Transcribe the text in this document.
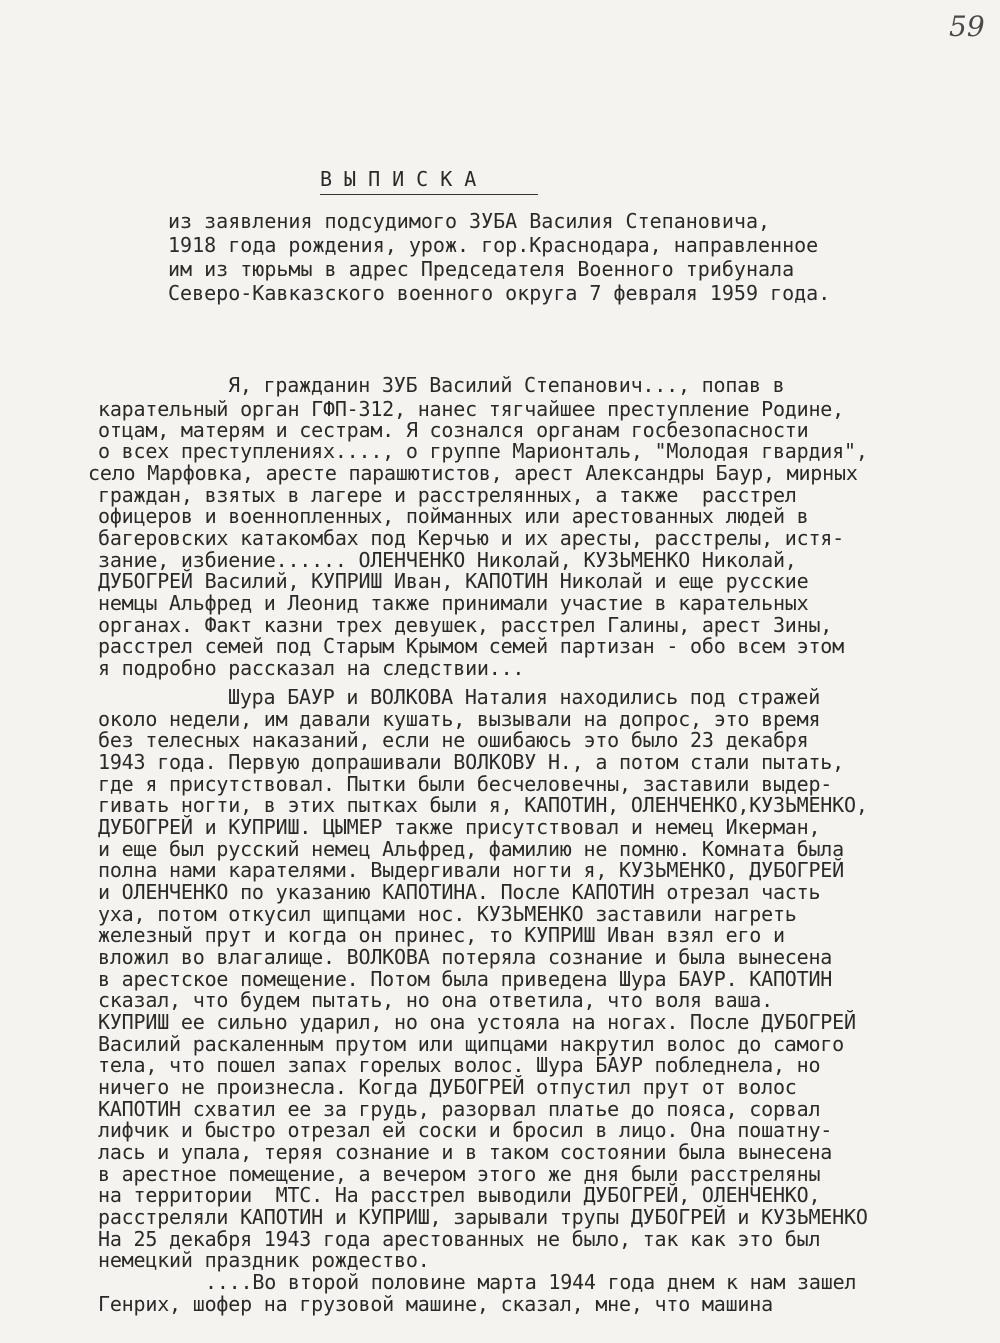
59

ВЫПИСКА

из заявления подсудимого ЗУБА Василия Степановича,

1918 года рождения, урож. гор.Краснодара, направленное

им из тюрьмы в адрес Председателя Военного трибунала

Северо-Кавказского военного округа 7 февраля 1959 года.

Я, гражданин ЗУБ Василий Степанович..., попав в

карательный орган ГФП-312, нанес тягчайшее преступление Родине,

отцам, матерям и сестрам. Я сознался органам госбезопасности

о всех преступлениях...., о группе Марионталь, "Молодая гвардия",

село Марфовка, аресте парашютистов, арест Александры Баур, мирных

граждан, взятых в лагере и расстрелянных, а также  расстрел

офицеров и военнопленных, пойманных или арестованных людей в

багеровских катакомбах под Керчью и их аресты, расстрелы, истя-

зание, избиение...... ОЛЕНЧЕНКО Николай, КУЗЬМЕНКО Николай,

ДУБОГРЕЙ Василий, КУПРИШ Иван, КАПОТИН Николай и еще русские

немцы Альфред и Леонид также принимали участие в карательных

органах. Факт казни трех девушек, расстрел Галины, арест Зины,

расстрел семей под Старым Крымом семей партизан - обо всем этом

я подробно рассказал на следствии...

Шура БАУР и ВОЛКОВА Наталия находились под стражей

около недели, им давали кушать, вызывали на допрос, это время

без телесных наказаний, если не ошибаюсь это было 23 декабря

1943 года. Первую допрашивали ВОЛКОВУ Н., а потом стали пытать,

где я присутствовал. Пытки были бесчеловечны, заставили выдер-

гивать ногти, в этих пытках были я, КАПОТИН, ОЛЕНЧЕНКО,КУЗЬМЕНКО,

ДУБОГРЕЙ и КУПРИШ. ЦЫМЕР также присутствовал и немец Икерман,

и еще был русский немец Альфред, фамилию не помню. Комната была

полна нами карателями. Выдергивали ногти я, КУЗЬМЕНКО, ДУБОГРЕЙ

и ОЛЕНЧЕНКО по указанию КАПОТИНА. После КАПОТИН отрезал часть

уха, потом откусил щипцами нос. КУЗЬМЕНКО заставили нагреть

железный прут и когда он принес, то КУПРИШ Иван взял его и

вложил во влагалище. ВОЛКОВА потеряла сознание и была вынесена

в арестское помещение. Потом была приведена Шура БАУР. КАПОТИН

сказал, что будем пытать, но она ответила, что воля ваша.

КУПРИШ ее сильно ударил, но она устояла на ногах. После ДУБОГРЕЙ

Василий раскаленным прутом или щипцами накрутил волос до самого

тела, что пошел запах горелых волос. Шура БАУР побледнела, но

ничего не произнесла. Когда ДУБОГРЕЙ отпустил прут от волос

КАПОТИН схватил ее за грудь, разорвал платье до пояса, сорвал

лифчик и быстро отрезал ей соски и бросил в лицо. Она пошатну-

лась и упала, теряя сознание и в таком состоянии была вынесена

в арестное помещение, а вечером этого же дня были расстреляны

на территории  МТС. На расстрел выводили ДУБОГРЕЙ, ОЛЕНЧЕНКО,

расстреляли КАПОТИН и КУПРИШ, зарывали трупы ДУБОГРЕЙ и КУЗЬМЕНКО

На 25 декабря 1943 года арестованных не было, так как это был

немецкий праздник рождество.

....Во второй половине марта 1944 года днем к нам зашел

Генрих, шофер на грузовой машине, сказал, мне, что машина
